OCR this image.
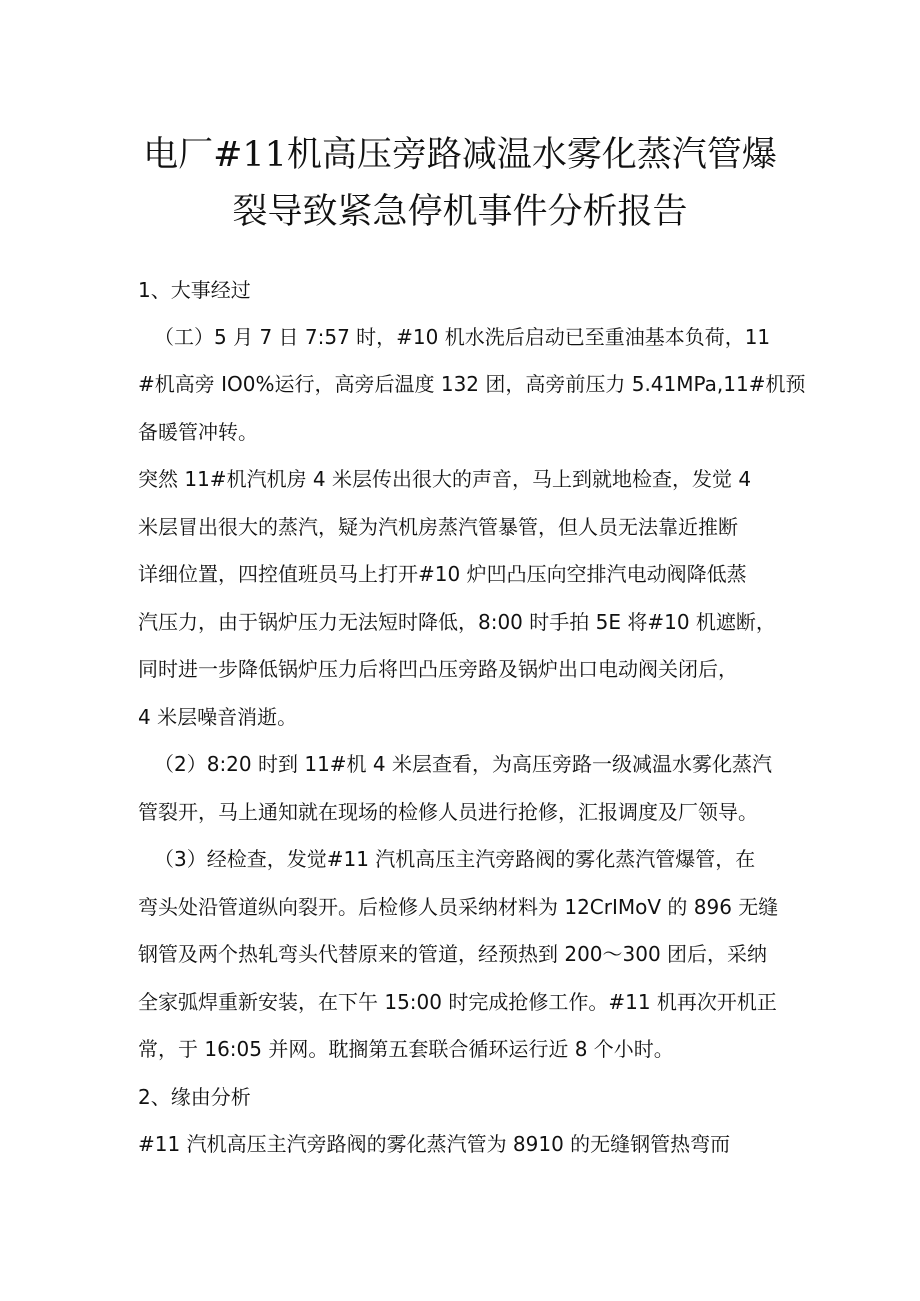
电厂#11机高压旁路减温水雾化蒸汽管爆
裂导致紧急停机事件分析报告
1、大事经过
（工）5 月 7 日 7:57 时，#10 机水洗后启动已至重油基本负荷，11
#机高旁 IO0%运行，高旁后温度 132 团，高旁前压力 5.41MPa,11#机预
备暖管冲转。
突然 11#机汽机房 4 米层传出很大的声音，马上到就地检查，发觉 4
米层冒出很大的蒸汽，疑为汽机房蒸汽管暴管，但人员无法靠近推断
详细位置，四控值班员马上打开#10 炉凹凸压向空排汽电动阀降低蒸
汽压力，由于锅炉压力无法短时降低，8:00 时手拍 5E 将#10 机遮断，
同时进一步降低锅炉压力后将凹凸压旁路及锅炉出口电动阀关闭后，
4 米层噪音消逝。
（2）8:20 时到 11#机 4 米层查看，为高压旁路一级减温水雾化蒸汽
管裂开，马上通知就在现场的检修人员进行抢修，汇报调度及厂领导。
（3）经检查，发觉#11 汽机高压主汽旁路阀的雾化蒸汽管爆管，在
弯头处沿管道纵向裂开。后检修人员采纳材料为 12CrIMoV 的 896 无缝
钢管及两个热轧弯头代替原来的管道，经预热到 200～300 团后，采纳
全家弧焊重新安装，在下午 15:00 时完成抢修工作。#11 机再次开机正
常，于 16:05 并网。耽搁第五套联合循环运行近 8 个小时。
2、缘由分析
#11 汽机高压主汽旁路阀的雾化蒸汽管为 8910 的无缝钢管热弯而
